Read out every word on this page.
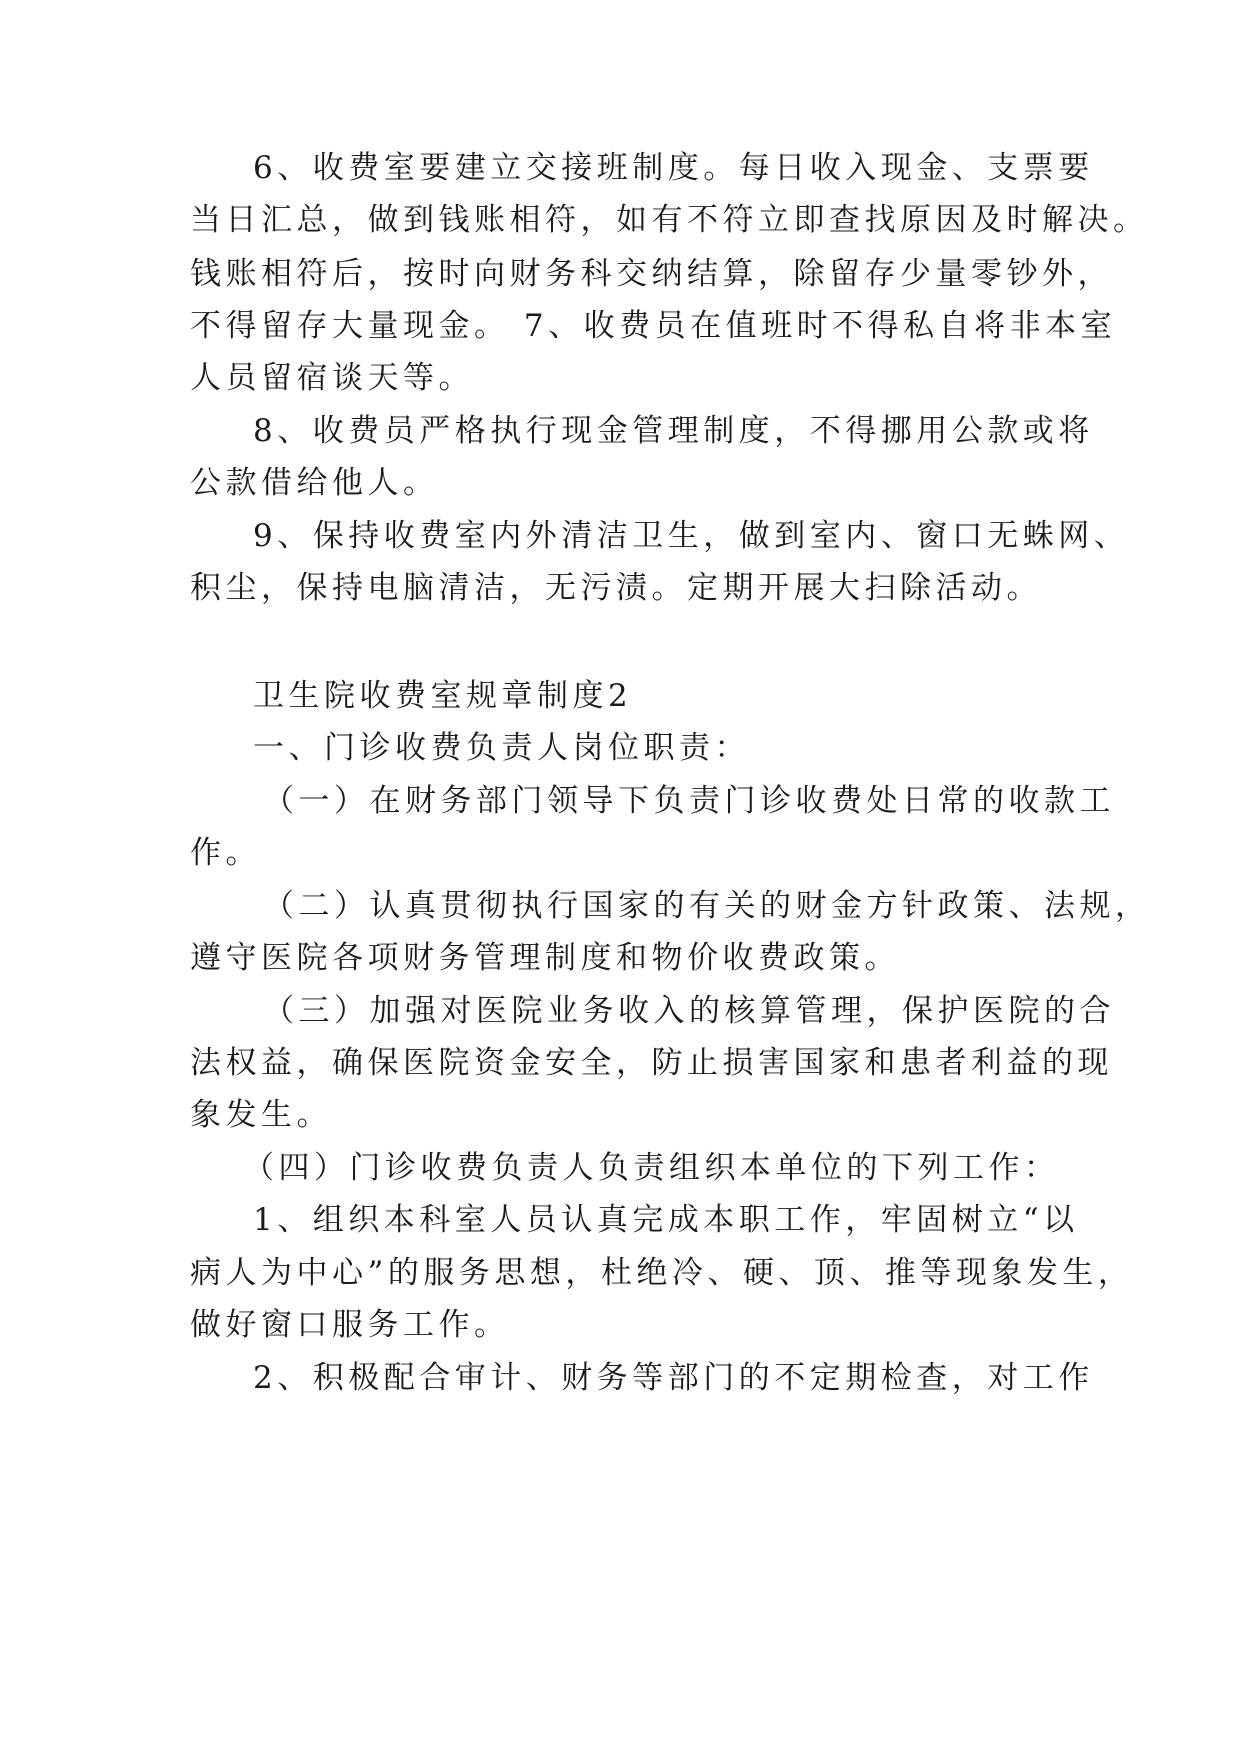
6、收费室要建立交接班制度。每日收入现金、支票要
当日汇总，做到钱账相符，如有不符立即查找原因及时解决。
钱账相符后，按时向财务科交纳结算，除留存少量零钞外，
不得留存大量现金。 7、收费员在值班时不得私自将非本室
人员留宿谈天等。
8、收费员严格执行现金管理制度，不得挪用公款或将
公款借给他人。
9、保持收费室内外清洁卫生，做到室内、窗口无蛛网、
积尘，保持电脑清洁，无污渍。定期开展大扫除活动。
卫生院收费室规章制度2
一、门诊收费负责人岗位职责：
（一）在财务部门领导下负责门诊收费处日常的收款工
作。
（二）认真贯彻执行国家的有关的财金方针政策、法规，
遵守医院各项财务管理制度和物价收费政策。
（三）加强对医院业务收入的核算管理，保护医院的合
法权益，确保医院资金安全，防止损害国家和患者利益的现
象发生。
（四）门诊收费负责人负责组织本单位的下列工作：
1、组织本科室人员认真完成本职工作，牢固树立“以
病人为中心”的服务思想，杜绝冷、硬、顶、推等现象发生，
做好窗口服务工作。
2、积极配合审计、财务等部门的不定期检查，对工作
